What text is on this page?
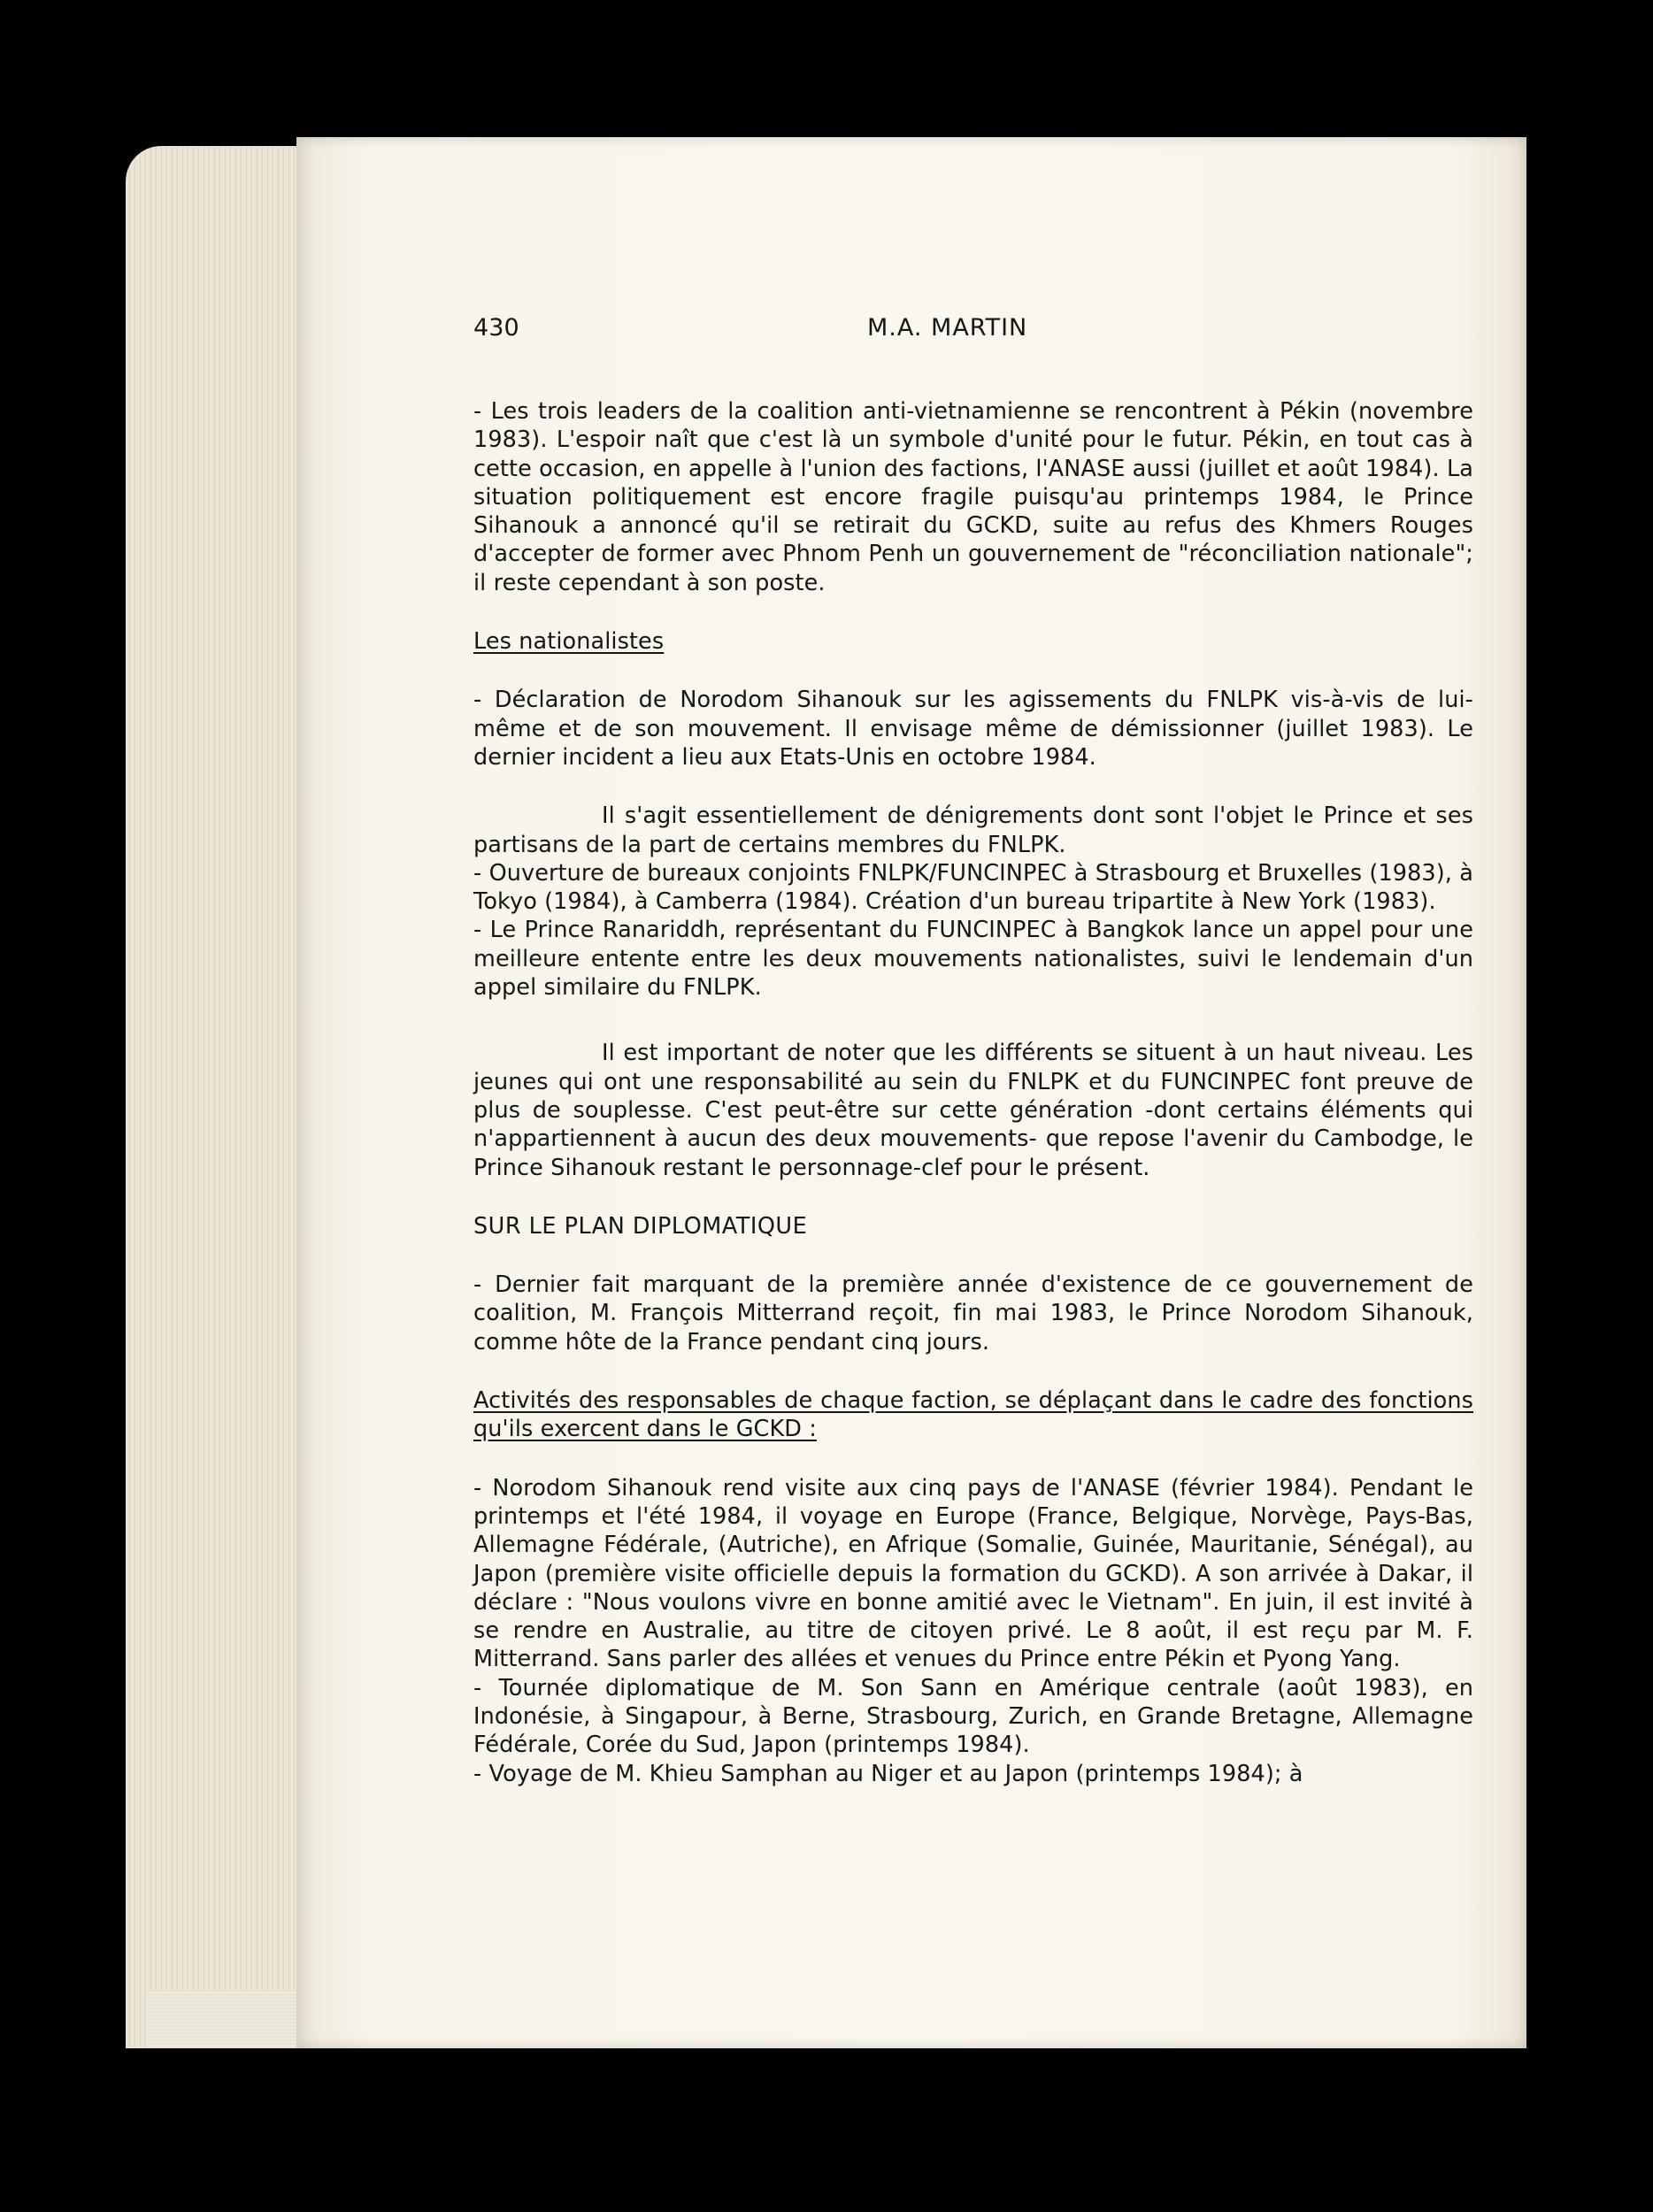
430	M.A. MARTIN

- Les trois leaders de la coalition anti-vietnamienne se rencontrent à Pékin (novembre 1983). L'espoir naît que c'est là un symbole d'unité pour le futur. Pékin, en tout cas à cette occasion, en appelle à l'union des factions, l'ANASE aussi (juillet et août 1984). La situation politiquement est encore fragile puisqu'au printemps 1984, le Prince Sihanouk a annoncé qu'il se retirait du GCKD, suite au refus des Khmers Rouges d'accepter de former avec Phnom Penh un gouvernement de "réconciliation nationale"; il reste cependant à son poste.

Les nationalistes

- Déclaration de Norodom Sihanouk sur les agissements du FNLPK vis-à-vis de lui-même et de son mouvement. Il envisage même de démissionner (juillet 1983). Le dernier incident a lieu aux Etats-Unis en octobre 1984.

Il s'agit essentiellement de dénigrements dont sont l'objet le Prince et ses partisans de la part de certains membres du FNLPK.

- Ouverture de bureaux conjoints FNLPK/FUNCINPEC à Strasbourg et Bruxelles (1983), à Tokyo (1984), à Camberra (1984). Création d'un bureau tripartite à New York (1983).

- Le Prince Ranariddh, représentant du FUNCINPEC à Bangkok lance un appel pour une meilleure entente entre les deux mouvements nationalistes, suivi le lendemain d'un appel similaire du FNLPK.

Il est important de noter que les différents se situent à un haut niveau. Les jeunes qui ont une responsabilité au sein du FNLPK et du FUNCINPEC font preuve de plus de souplesse. C'est peut-être sur cette génération -dont certains éléments qui n'appartiennent à aucun des deux mouvements- que repose l'avenir du Cambodge, le Prince Sihanouk restant le personnage-clef pour le présent.

SUR LE PLAN DIPLOMATIQUE

- Dernier fait marquant de la première année d'existence de ce gouvernement de coalition, M. François Mitterrand reçoit, fin mai 1983, le Prince Norodom Sihanouk, comme hôte de la France pendant cinq jours.

Activités des responsables de chaque faction, se déplaçant dans le cadre des fonctions qu'ils exercent dans le GCKD :

- Norodom Sihanouk rend visite aux cinq pays de l'ANASE (février 1984). Pendant le printemps et l'été 1984, il voyage en Europe (France, Belgique, Norvège, Pays-Bas, Allemagne Fédérale, (Autriche), en Afrique (Somalie, Guinée, Mauritanie, Sénégal), au Japon (première visite officielle depuis la formation du GCKD). A son arrivée à Dakar, il déclare : "Nous voulons vivre en bonne amitié avec le Vietnam". En juin, il est invité à se rendre en Australie, au titre de citoyen privé. Le 8 août, il est reçu par M. F. Mitterrand. Sans parler des allées et venues du Prince entre Pékin et Pyong Yang.

- Tournée diplomatique de M. Son Sann en Amérique centrale (août 1983), en Indonésie, à Singapour, à Berne, Strasbourg, Zurich, en Grande Bretagne, Allemagne Fédérale, Corée du Sud, Japon (printemps 1984).

- Voyage de M. Khieu Samphan au Niger et au Japon (printemps 1984); à
